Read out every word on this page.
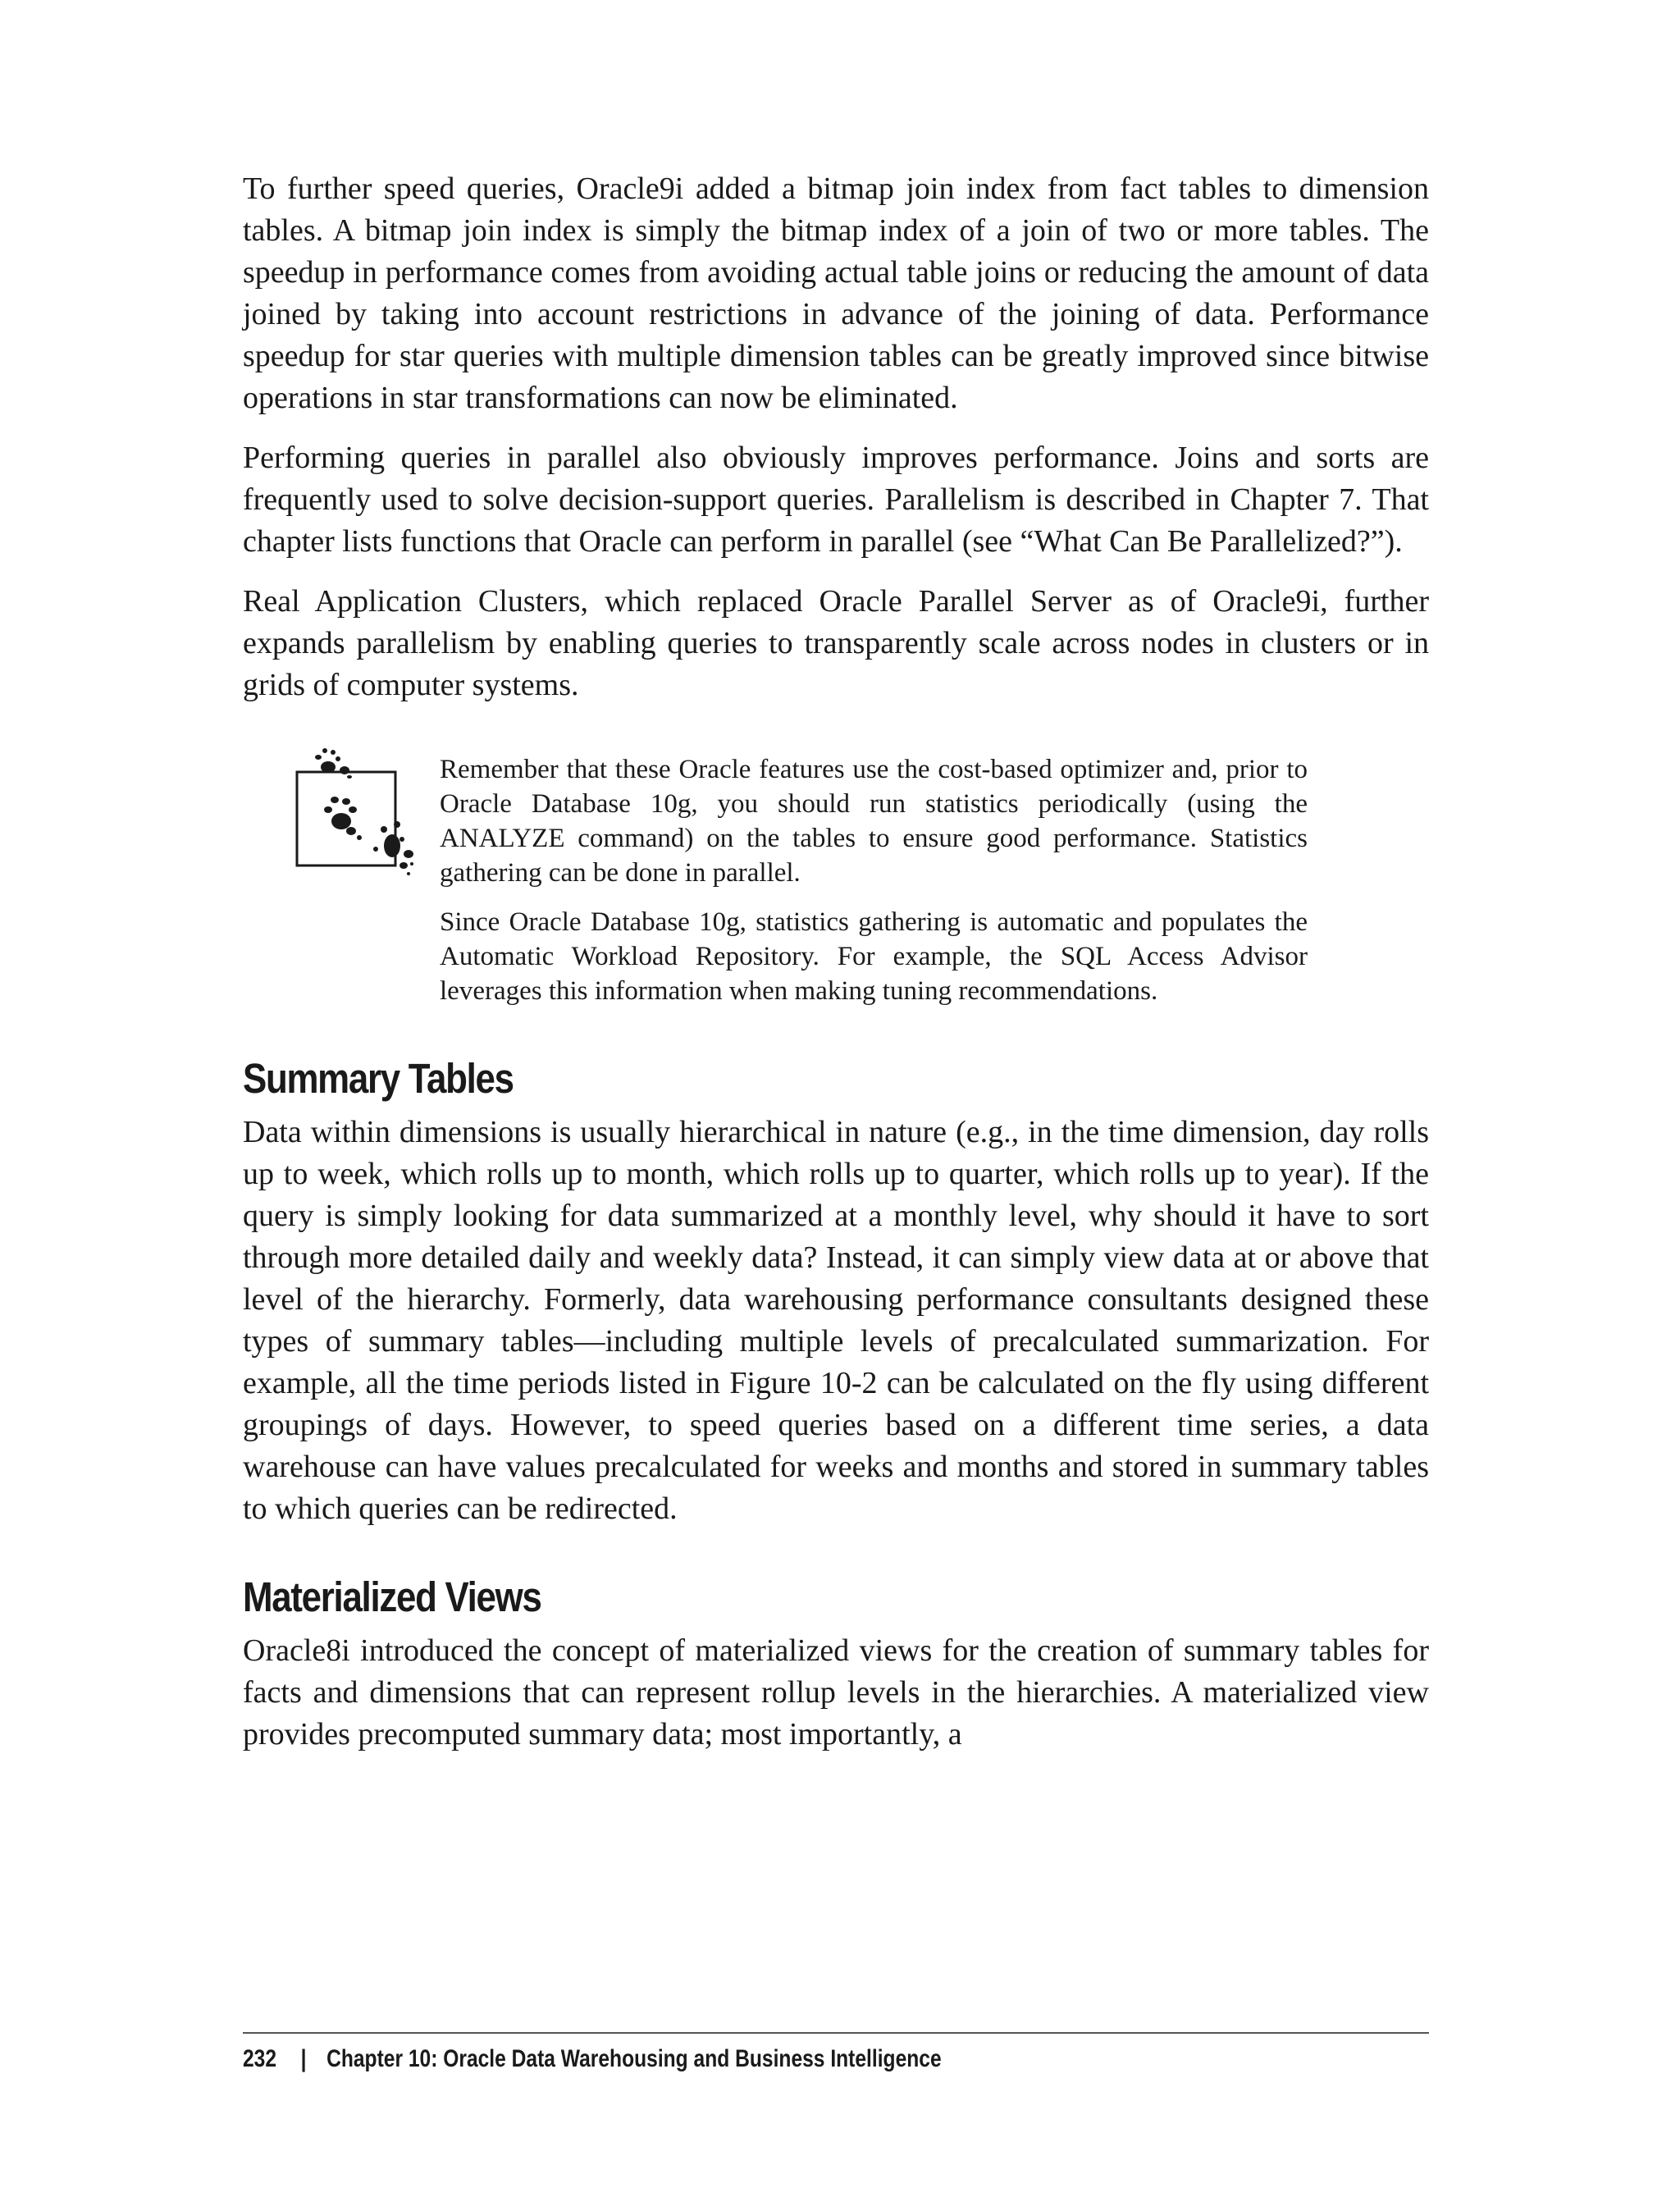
To further speed queries, Oracle9i added a bitmap join index from fact tables to dimension tables. A bitmap join index is simply the bitmap index of a join of two or more tables. The speedup in performance comes from avoiding actual table joins or reducing the amount of data joined by taking into account restrictions in advance of the joining of data. Performance speedup for star queries with multiple dimension tables can be greatly improved since bitwise operations in star transformations can now be eliminated.

Performing queries in parallel also obviously improves performance. Joins and sorts are frequently used to solve decision-support queries. Parallelism is described in Chapter 7. That chapter lists functions that Oracle can perform in parallel (see “What Can Be Parallelized?”).

Real Application Clusters, which replaced Oracle Parallel Server as of Oracle9i, further expands parallelism by enabling queries to transparently scale across nodes in clusters or in grids of computer systems.

Remember that these Oracle features use the cost-based optimizer and, prior to Oracle Database 10g, you should run statistics periodically (using the ANALYZE command) on the tables to ensure good performance. Statistics gathering can be done in parallel.

Since Oracle Database 10g, statistics gathering is automatic and populates the Automatic Workload Repository. For example, the SQL Access Advisor leverages this information when making tuning recommendations.

Summary Tables

Data within dimensions is usually hierarchical in nature (e.g., in the time dimension, day rolls up to week, which rolls up to month, which rolls up to quarter, which rolls up to year). If the query is simply looking for data summarized at a monthly level, why should it have to sort through more detailed daily and weekly data? Instead, it can simply view data at or above that level of the hierarchy. Formerly, data warehousing performance consultants designed these types of summary tables—including multiple levels of precalculated summarization. For example, all the time periods listed in Figure 10-2 can be calculated on the fly using different groupings of days. However, to speed queries based on a different time series, a data warehouse can have values precalculated for weeks and months and stored in summary tables to which queries can be redirected.

Materialized Views

Oracle8i introduced the concept of materialized views for the creation of summary tables for facts and dimensions that can represent rollup levels in the hierarchies. A materialized view provides precomputed summary data; most importantly, a

232 | Chapter 10: Oracle Data Warehousing and Business Intelligence
